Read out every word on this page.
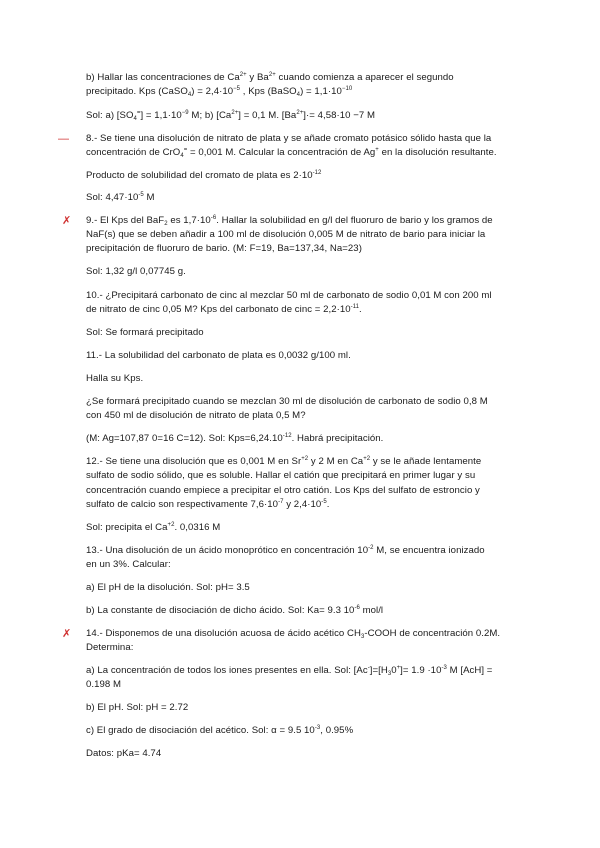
b) Hallar las concentraciones de $Ca^{2+}$ y $Ba^{2+}$ cuando comienza a aparecer el segundo
precipitado. Kps (CaSO$_4$) = $2,4\cdot 10^{-5}$ , Kps (BaSO$_4$) = $1,1\cdot 10^{-10}$
Sol: a) $[SO_4^=] = 1,1\cdot 10^{-9}$ M; b) $[Ca^{2+}] = 0,1$ M. $[Ba^{2+}]\cdot= 4,58\cdot 10 -7$ M
— 8.- Se tiene una disolución de nitrato de plata y se añade cromato potásico sólido hasta que la
concentración de CrO$_4$= = 0,001 M. Calcular la concentración de Ag+ en la disolución resultante.
Producto de solubilidad del cromato de plata es $2\cdot 10^{-12}$
Sol: $4,47\cdot 10^{-5}$ M
✗ 9.- El Kps del BaF$_2$ es $1,7\cdot 10^{-6}$. Hallar la solubilidad en g/l del fluoruro de bario y los gramos de
NaF(s) que se deben añadir a 100 ml de disolución 0,005 M de nitrato de bario para iniciar la
precipitación de fluoruro de bario. (M: F=19, Ba=137,34, Na=23)
Sol: 1,32 g/l 0,07745 g.
10.- ¿Precipitará carbonato de cinc al mezclar 50 ml de carbonato de sodio 0,01 M con 200 ml
de nitrato de cinc 0,05 M? Kps del carbonato de cinc = $2,2\cdot 10^{-11}$.
Sol: Se formará precipitado
11.- La solubilidad del carbonato de plata es 0,0032 g/100 ml.
Halla su Kps.
¿Se formará precipitado cuando se mezclan 30 ml de disolución de carbonato de sodio 0,8 M
con 450 ml de disolución de nitrato de plata 0,5 M?
(M: Ag=107,87 0=16 C=12). Sol: $Kps=6,24.10^{-12}$. Habrá precipitación.
12.- Se tiene una disolución que es 0,001 M en $Sr^{+2}$ y 2 M en $Ca^{+2}$ y se le añade lentamente
sulfato de sodio sólido, que es soluble. Hallar el catión que precipitará en primer lugar y su
concentración cuando empiece a precipitar el otro catión. Los Kps del sulfato de estroncio y
sulfato de calcio son respectivamente $7,6\cdot 10^{-7}$ y $2,4\cdot 10^{-5}$.
Sol: precipita el $Ca^{+2}$. 0,0316 M
13.- Una disolución de un ácido monoprótico en concentración $10^{-2}$ M, se encuentra ionizado
en un 3%. Calcular:
a) El pH de la disolución. Sol: pH= 3.5
b) La constante de disociación de dicho ácido. Sol: Ka= 9.3 $10^{-6}$ mol/l
✗ 14.- Disponemos de una disolución acuosa de ácido acético $CH_3$-COOH de concentración 0.2M.
Determina:
a) La concentración de todos los iones presentes en ella. Sol: $[Ac^-]=[H_30^+]= 1.9 \cdot 10^{-3}$ M [AcH] =
0.198 M
b) El pH. Sol: pH = 2.72
c) El grado de disociación del acético. Sol: α = 9.5 $10^{-3}$, 0.95%
Datos: pKa= 4.74
